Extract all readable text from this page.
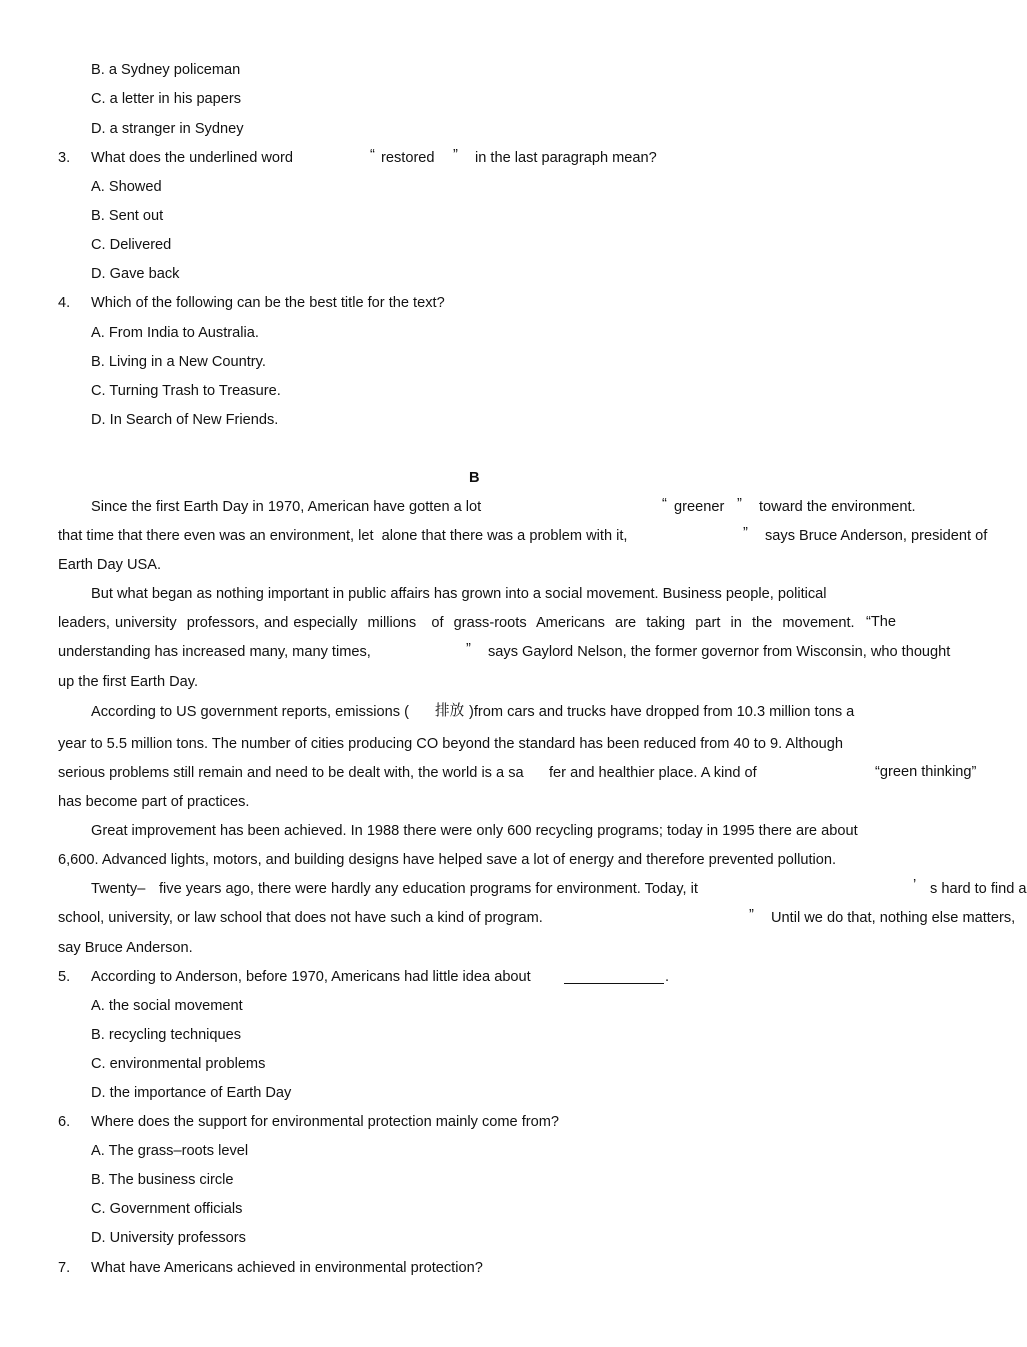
B. a Sydney policeman
C. a letter in his papers
D. a stranger in Sydney
3. What does the underlined word	“ restored ” in the last paragraph mean?
A. Showed
B. Sent out
C. Delivered
D. Gave back
4. Which of the following can be the best title for the text?
A. From India to Australia.
B. Living in a New Country.
C. Turning Trash to Treasure.
D. In Search of New Friends.
B
Since the first Earth Day in 1970, American have gotten a lot	“ greener ” toward the environment.
that time that there even was an environment, let  alone that there was a problem with it,	” says Bruce Anderson, president of
Earth Day USA.
But what began as nothing important in public affairs has grown into a social movement. Business people, political
leaders, university  professors, and especially  millions   of  grass-roots  Americans  are  taking  part  in  the  movement. “The
understanding has increased many, many times,	” says Gaylord Nelson, the former governor from Wisconsin, who thought
up the first Earth Day.
According to US government reports, emissions ( 排放 )from cars and trucks have dropped from 10.3 million tons a
year to 5.5 million tons. The number of cities producing CO beyond the standard has been reduced from 40 to 9. Although
serious problems still remain and need to be dealt with, the world is a sa fer and healthier place. A kind of	“green thinking”
has become part of practices.
Great improvement has been achieved. In 1988 there were only 600 recycling programs; today in 1995 there are about
6,600. Advanced lights, motors, and building designs have helped save a lot of energy and therefore prevented pollution.
Twenty– five years ago, there were hardly any education programs for environment. Today, it	’ s hard to find a
school, university, or law school that does not have such a kind of program.	” Until we do that, nothing else matters,
say Bruce Anderson.
5. According to Anderson, before 1970, Americans had little idea about	.
A. the social movement
B. recycling techniques
C. environmental problems
D. the importance of Earth Day
6. Where does the support for environmental protection mainly come from?
A. The grass–roots level
B. The business circle
C. Government officials
D. University professors
7. What have Americans achieved in environmental protection?
